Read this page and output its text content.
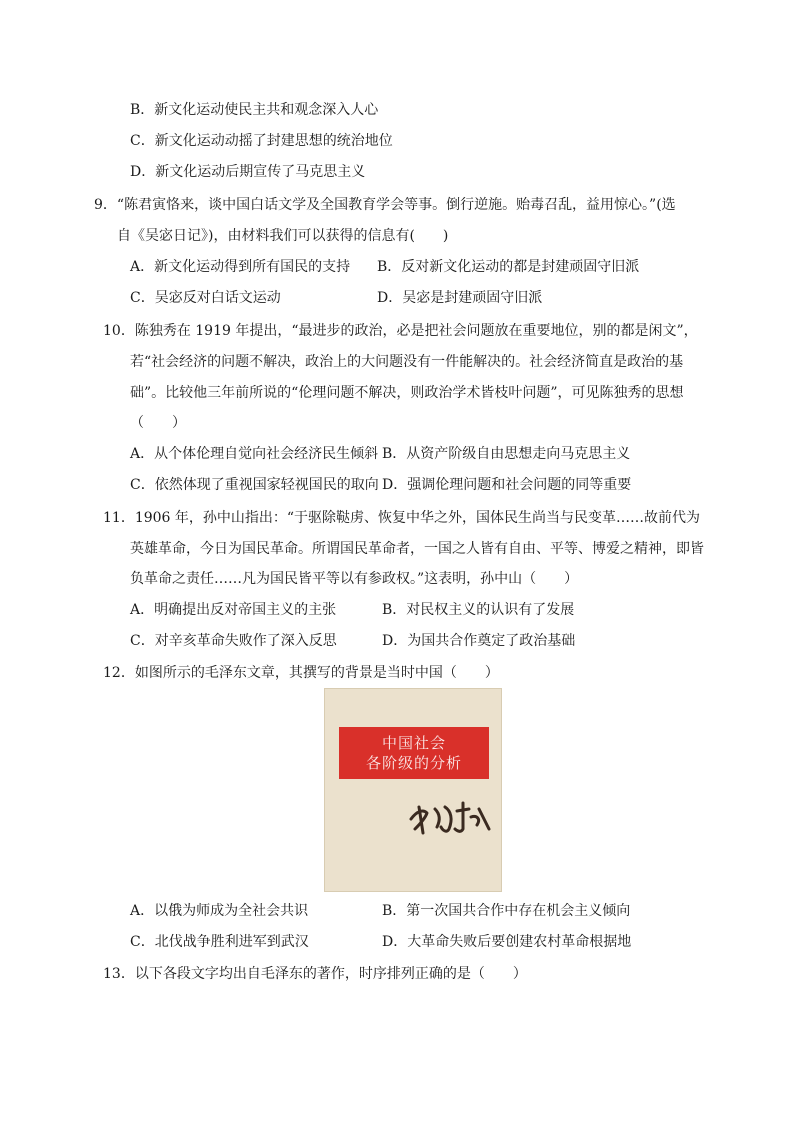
B．新文化运动使民主共和观念深入人心
C．新文化运动动摇了封建思想的统治地位
D．新文化运动后期宣传了马克思主义
9．“陈君寅恪来，谈中国白话文学及全国教育学会等事。倒行逆施。贻毒召乱，益用惊心。”(选
自《吴宓日记》)，由材料我们可以获得的信息有(　　)
A．新文化运动得到所有国民的支持 B．反对新文化运动的都是封建顽固守旧派
C．吴宓反对白话文运动	D．吴宓是封建顽固守旧派
10．陈独秀在 1919 年提出，“最进步的政治，必是把社会问题放在重要地位，别的都是闲文”，
若“社会经济的问题不解决，政治上的大问题没有一件能解决的。社会经济简直是政治的基
础”。比较他三年前所说的“伦理问题不解决，则政治学术皆枝叶问题”，可见陈独秀的思想
（　　）
A．从个体伦理自觉向社会经济民生倾斜 B．从资产阶级自由思想走向马克思主义
C．依然体现了重视国家轻视国民的取向 D．强调伦理问题和社会问题的同等重要
11．1906 年，孙中山指出：“于驱除鞑虏、恢复中华之外，国体民生尚当与民变革……故前代为
英雄革命，今日为国民革命。所谓国民革命者，一国之人皆有自由、平等、博爱之精神，即皆
负革命之责任……凡为国民皆平等以有参政权。”这表明，孙中山（　　）
A．明确提出反对帝国主义的主张	B．对民权主义的认识有了发展
C．对辛亥革命失败作了深入反思	D．为国共合作奠定了政治基础
12．如图所示的毛泽东文章，其撰写的背景是当时中国（　　）
中国社会
各阶级的分析
A．以俄为师成为全社会共识	B．第一次国共合作中存在机会主义倾向
C．北伐战争胜利进军到武汉	D．大革命失败后要创建农村革命根据地
13．以下各段文字均出自毛泽东的著作，时序排列正确的是（　　）
